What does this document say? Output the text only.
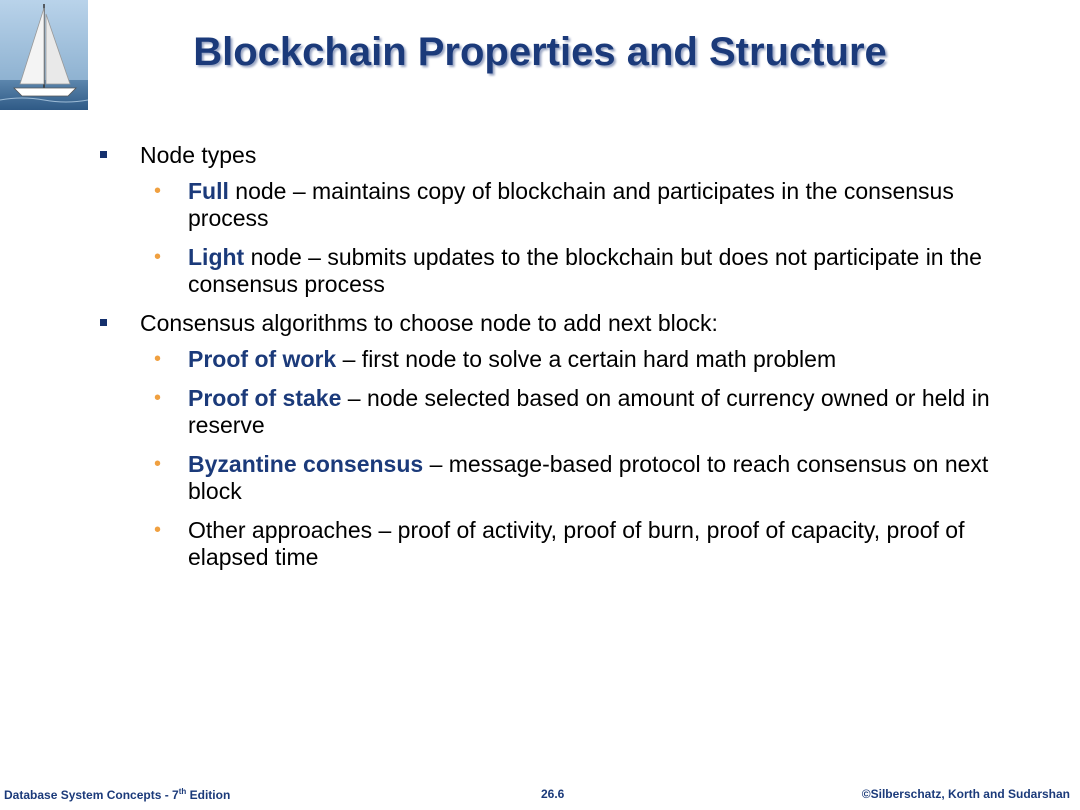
Blockchain Properties and Structure
Node types
• Full node – maintains copy of blockchain and participates in the consensus process
• Light node – submits updates to the blockchain but does not participate in the consensus process
Consensus algorithms to choose node to add next block:
• Proof of work – first node to solve a certain hard math problem
• Proof of stake – node selected based on amount of currency owned or held in reserve
• Byzantine consensus – message-based protocol to reach consensus on next block
• Other approaches – proof of activity, proof of burn, proof of capacity, proof of elapsed time
Database System Concepts - 7th Edition	26.6	©Silberschatz, Korth and Sudarshan
